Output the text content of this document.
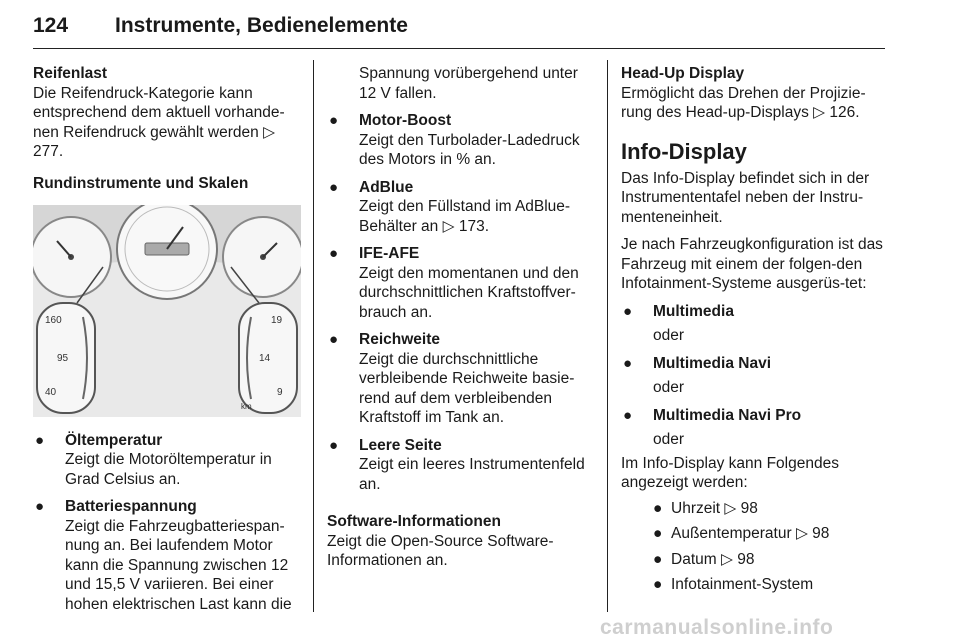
124 Instrumente, Bedienelemente

Reifenlast

Die Reifendruck-Kategorie kann entsprechend dem aktuell vorhande-nen Reifendruck gewählt werden ▷ 277.

Rundinstrumente und Skalen

160
95
40
19
14
9
km
● Öltemperatur

Zeigt die Motoröltemperatur in Grad Celsius an.

● Batteriespannung

Zeigt die Fahrzeugbatteriespan-nung an. Bei laufendem Motor kann die Spannung zwischen 12 und 15,5 V variieren. Bei einer hohen elektrischen Last kann die

Spannung vorübergehend unter 12 V fallen.

● Motor-Boost

Zeigt den Turbolader-Ladedruck des Motors in % an.

● AdBlue

Zeigt den Füllstand im AdBlue-Behälter an ▷ 173.

● IFE-AFE

Zeigt den momentanen und den durchschnittlichen Kraftstoffver-brauch an.

● Reichweite

Zeigt die durchschnittliche verbleibende Reichweite basie-rend auf dem verbleibenden Kraftstoff im Tank an.

● Leere Seite

Zeigt ein leeres Instrumentenfeld an.

Software-Informationen

Zeigt die Open-Source Software-Informationen an.

Head-Up Display

Ermöglicht das Drehen der Projizie-rung des Head-up-Displays ▷ 126.

Info-Display

Das Info-Display befindet sich in der Instrumententafel neben der Instru-menteneinheit.

Je nach Fahrzeugkonfiguration ist das Fahrzeug mit einem der folgen-den Infotainment-Systeme ausgerüs-tet:

● Multimedia

oder

● Multimedia Navi

oder

● Multimedia Navi Pro

oder

Im Info-Display kann Folgendes angezeigt werden:

● Uhrzeit ▷ 98
● Außentemperatur ▷ 98
● Datum ▷ 98
● Infotainment-System
carmanualsonline.info
